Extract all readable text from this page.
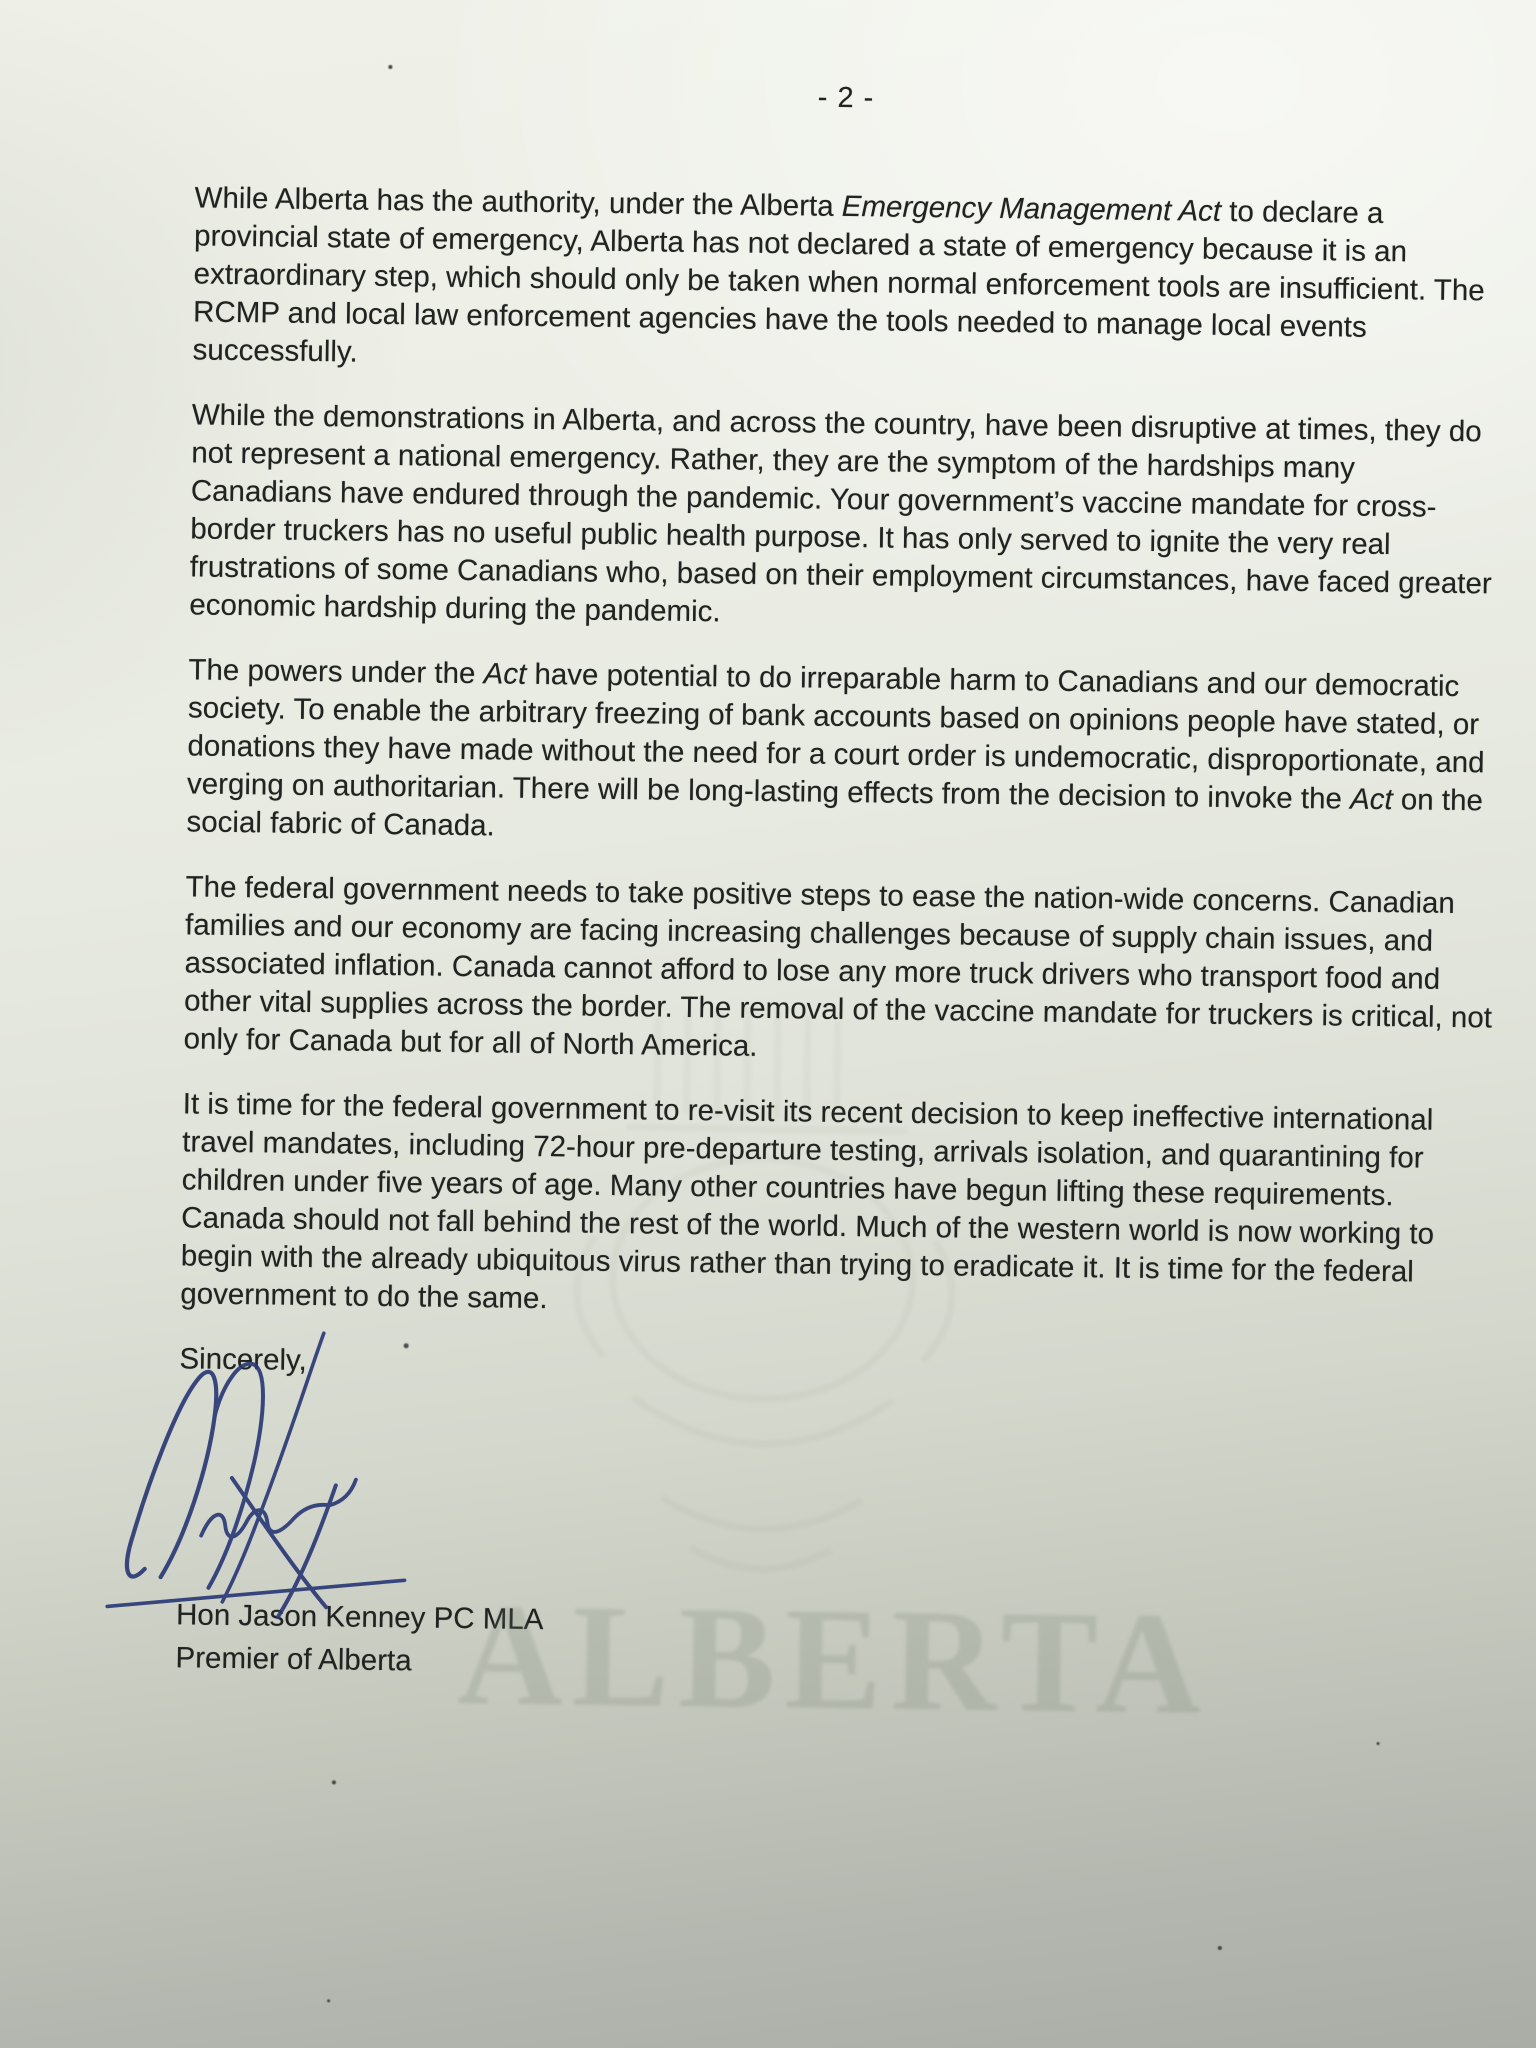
ALBERTA
- 2 -

While Alberta has the authority, under the Alberta Emergency Management Act to declare a provincial state of emergency, Alberta has not declared a state of emergency because it is an extraordinary step, which should only be taken when normal enforcement tools are insufficient. The RCMP and local law enforcement agencies have the tools needed to manage local events successfully.

While the demonstrations in Alberta, and across the country, have been disruptive at times, they do not represent a national emergency. Rather, they are the symptom of the hardships many Canadians have endured through the pandemic. Your government’s vaccine mandate for cross-border truckers has no useful public health purpose. It has only served to ignite the very real frustrations of some Canadians who, based on their employment circumstances, have faced greater economic hardship during the pandemic.

The powers under the Act have potential to do irreparable harm to Canadians and our democratic society. To enable the arbitrary freezing of bank accounts based on opinions people have stated, or donations they have made without the need for a court order is undemocratic, disproportionate, and verging on authoritarian. There will be long-lasting effects from the decision to invoke the Act on the social fabric of Canada.

The federal government needs to take positive steps to ease the nation-wide concerns. Canadian families and our economy are facing increasing challenges because of supply chain issues, and associated inflation. Canada cannot afford to lose any more truck drivers who transport food and other vital supplies across the border. The removal of the vaccine mandate for truckers is critical, not only for Canada but for all of North America.

It is time for the federal government to re-visit its recent decision to keep ineffective international travel mandates, including 72-hour pre-departure testing, arrivals isolation, and quarantining for children under five years of age. Many other countries have begun lifting these requirements. Canada should not fall behind the rest of the world. Much of the western world is now working to begin with the already ubiquitous virus rather than trying to eradicate it. It is time for the federal government to do the same.

Sincerely,

Hon Jason Kenney PC MLA
Premier of Alberta
